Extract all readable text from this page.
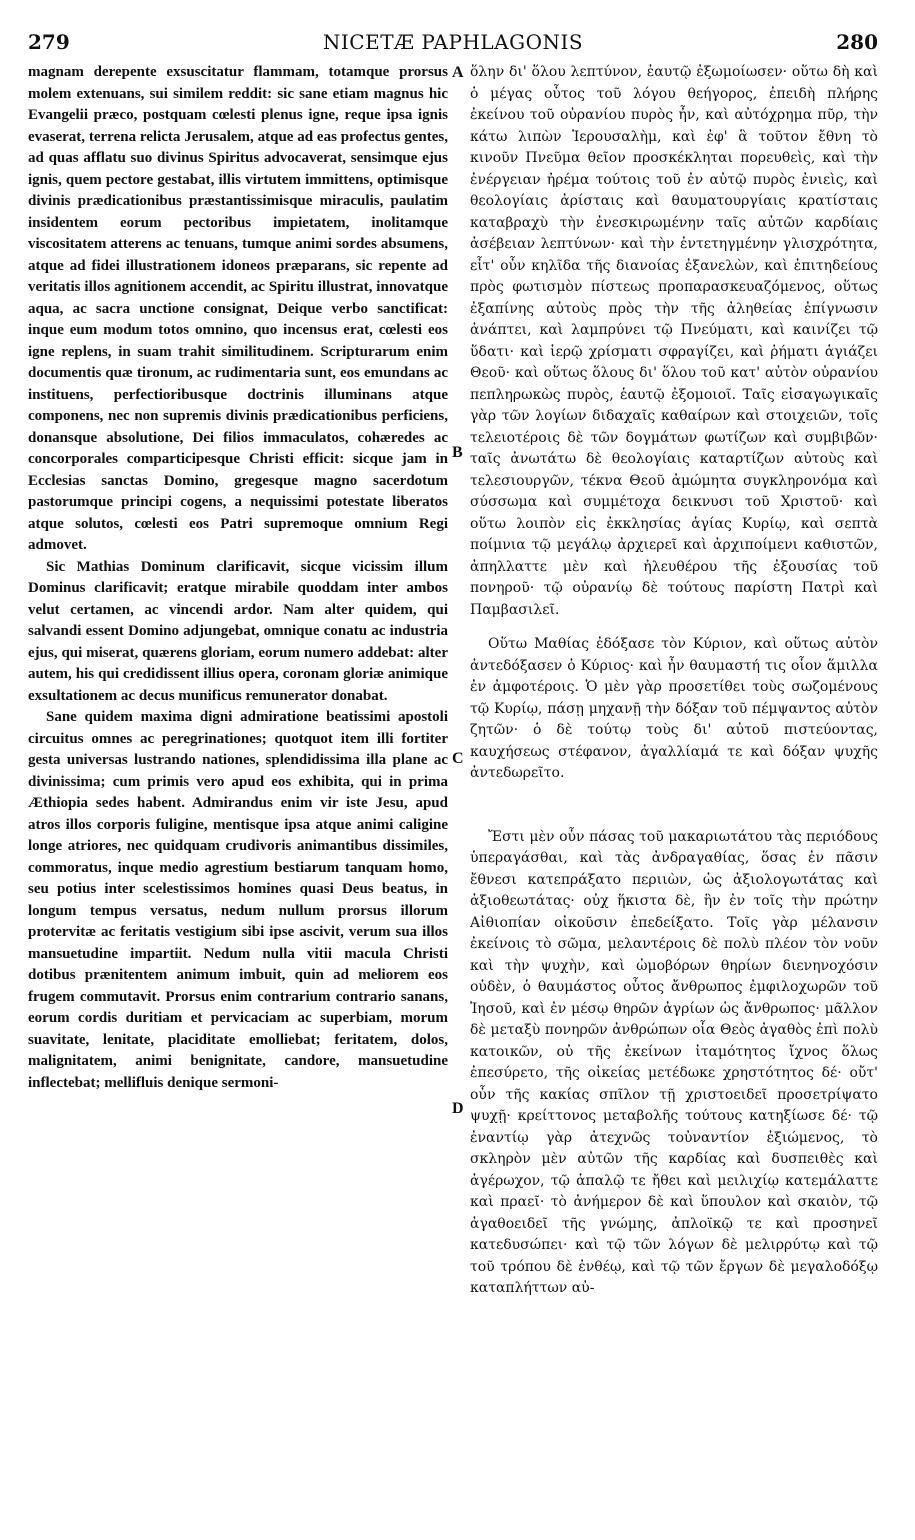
279	NICETÆ PAPHLAGONIS	280

magnam derepente exsuscitatur flammam, totamque prorsus molem extenuans, sui similem reddit: sic sane etiam magnus hic Evangelii præco, postquam cœlesti plenus igne, reque ipsa ignis evaserat, terrena relicta Jerusalem, atque ad eas profectus gentes, ad quas afflatu suo divinus Spiritus advocaverat, sensimque ejus ignis, quem pectore gestabat, illis virtutem immittens, optimisque divinis prædicationibus præstantissimisque miraculis, paulatim insidentem eorum pectoribus impietatem, inolitamque viscositatem atterens ac tenuans, tumque animi sordes absumens, atque ad fidei illustrationem idoneos præparans, sic repente ad veritatis illos agnitionem accendit, ac Spiritu illustrat, innovatque aqua, ac sacra unctione consignat, Deique verbo sanctificat: inque eum modum totos omnino, quo incensus erat, cœlesti eos igne replens, in suam trahit similitudinem. Scripturarum enim documentis quæ tironum, ac rudimentaria sunt, eos emundans ac instituens, perfectioribusque doctrinis illuminans atque componens, nec non supremis divinis prædicationibus perficiens, donansque absolutione, Dei filios immaculatos, cohæredes ac concorporales comparticipesque Christi efficit: sicque jam in Ecclesias sanctas Domino, gregesque magno sacerdotum pastorumque principi cogens, a nequissimi potestate liberatos atque solutos, cœlesti eos Patri supremoque omnium Regi admovet.

Sic Mathias Dominum clarificavit, sicque vicissim illum Dominus clarificavit; eratque mirabile quoddam inter ambos velut certamen, ac vincendi ardor. Nam alter quidem, qui salvandi essent Domino adjungebat, omnique conatu ac industria ejus, qui miserat, quærens gloriam, eorum numero addebat: alter autem, his qui credidissent illius opera, coronam gloriæ animique exsultationem ac decus munificus remunerator donabat.

Sane quidem maxima digni admiratione beatissimi apostoli circuitus omnes ac peregrinationes; quotquot item illi fortiter gesta universas lustrando nationes, splendidissima illa plane ac divinissima; cum primis vero apud eos exhibita, qui in prima Æthiopia sedes habent. Admirandus enim vir iste Jesu, apud atros illos corporis fuligine, mentisque ipsa atque animi caligine longe atriores, nec quidquam crudivoris animantibus dissimiles, commoratus, inque medio agrestium bestiarum tanquam homo, seu potius inter scelestissimos homines quasi Deus beatus, in longum tempus versatus, nedum nullum prorsus illorum protervitæ ac feritatis vestigium sibi ipse ascivit, verum sua illos mansuetudine impartiit. Nedum nulla vitii macula Christi dotibus prænitentem animum imbuit, quin ad meliorem eos frugem commutavit. Prorsus enim contrarium contrario sanans, eorum cordis duritiam et pervicaciam ac superbiam, morum suavitate, lenitate, placiditate emolliebat; feritatem, dolos, malignitatem, animi benignitate, candore, mansuetudine inflectebat; mellifluis denique sermoni-

A
B
C
D

ὅλην δι' ὅλου λεπτύνον, ἑαυτῷ ἐξωμοίωσεν· οὕτω δὴ καὶ ὁ μέγας οὗτος τοῦ λόγου θεήγορος, ἐπειδὴ πλήρης ἐκείνου τοῦ οὐρανίου πυρὸς ἦν, καὶ αὐτόχρημα πῦρ, τὴν κάτω λιπὼν Ἱερουσαλὴμ, καὶ ἐφ' ἃ τοῦτον ἔθνη τὸ κινοῦν Πνεῦμα θεῖον προσκέκληται πορευθεὶς, καὶ τὴν ἐνέργειαν ἠρέμα τούτοις τοῦ ἐν αὐτῷ πυρὸς ἐνιεὶς, καὶ θεολογίαις ἀρίσταις καὶ θαυματουργίαις κρατίσταις καταβραχὺ τὴν ἐνεσκιρωμένην ταῖς αὐτῶν καρδίαις ἀσέβειαν λεπτύνων· καὶ τὴν ἐντετηγμένην γλισχρότητα, εἶτ' οὖν κηλῖδα τῆς διανοίας ἐξανελὼν, καὶ ἐπιτηδείους πρὸς φωτισμὸν πίστεως προπαρασκευαζόμενος, οὕτως ἐξαπίνης αὐτοὺς πρὸς τὴν τῆς ἀληθείας ἐπίγνωσιν ἀνάπτει, καὶ λαμπρύνει τῷ Πνεύματι, καὶ καινίζει τῷ ὕδατι· καὶ ἱερῷ χρίσματι σφραγίζει, καὶ ῥήματι ἁγιάζει Θεοῦ· καὶ οὕτως ὅλους δι' ὅλου τοῦ κατ' αὐτὸν οὐρανίου πεπληρωκὼς πυρὸς, ἑαυτῷ ἐξομοιοῖ. Ταῖς εἰσαγωγικαῖς γὰρ τῶν λογίων διδαχαῖς καθαίρων καὶ στοιχειῶν, τοῖς τελειοτέροις δὲ τῶν δογμάτων φωτίζων καὶ συμβιβῶν· ταῖς ἀνωτάτω δὲ θεολογίαις καταρτίζων αὐτοὺς καὶ τελεσιουργῶν, τέκνα Θεοῦ ἀμώμητα συγκληρονόμα καὶ σύσσωμα καὶ συμμέτοχα δεικνυσι τοῦ Χριστοῦ· καὶ οὕτω λοιπὸν εἰς ἐκκλησίας ἁγίας Κυρίῳ, καὶ σεπτὰ ποίμνια τῷ μεγάλῳ ἀρχιερεῖ καὶ ἀρχιποίμενι καθιστῶν, ἀπηλλαττε μὲν καὶ ἠλευθέρου τῆς ἐξουσίας τοῦ πονηροῦ· τῷ οὐρανίῳ δὲ τούτους παρίστη Πατρὶ καὶ Παμβασιλεῖ.

Οὕτω Μαθίας ἐδόξασε τὸν Κύριον, καὶ οὕτως αὐτὸν ἀντεδόξασεν ὁ Κύριος· καὶ ἦν θαυμαστή τις οἷον ἅμιλλα ἐν ἀμφοτέροις. Ὁ μὲν γὰρ προσετίθει τοὺς σωζομένους τῷ Κυρίῳ, πάσῃ μηχανῇ τὴν δόξαν τοῦ πέμψαντος αὐτὸν ζητῶν· ὁ δὲ τούτῳ τοὺς δι' αὐτοῦ πιστεύοντας, καυχήσεως στέφανον, ἀγαλλίαμά τε καὶ δόξαν ψυχῆς ἀντεδωρεῖτο.

Ἔστι μὲν οὖν πάσας τοῦ μακαριωτάτου τὰς περιόδους ὑπεραγάσθαι, καὶ τὰς ἀνδραγαθίας, ὅσας ἐν πᾶσιν ἔθνεσι κατεπράξατο περιιὼν, ὡς ἀξιολογωτάτας καὶ ἀξιοθεωτάτας· οὐχ ἥκιστα δὲ, ἣν ἐν τοῖς τὴν πρώτην Αἰθιοπίαν οἰκοῦσιν ἐπεδείξατο. Τοῖς γὰρ μέλανσιν ἐκείνοις τὸ σῶμα, μελαντέροις δὲ πολὺ πλέον τὸν νοῦν καὶ τὴν ψυχὴν, καὶ ὠμοβόρων θηρίων διενηνοχόσιν οὐδὲν, ὁ θαυμάστος οὗτος ἄνθρωπος ἐμφιλοχωρῶν τοῦ Ἰησοῦ, καὶ ἐν μέσῳ θηρῶν ἀγρίων ὡς ἄνθρωπος· μᾶλλον δὲ μεταξὺ πονηρῶν ἀνθρώπων οἷα Θεὸς ἀγαθὸς ἐπὶ πολὺ κατοικῶν, οὐ τῆς ἐκείνων ἰταμότητος ἴχνος ὅλως ἐπεσύρετο, τῆς οἰκείας μετέδωκε χρηστότητος δέ· οὔτ' οὖν τῆς κακίας σπῖλον τῇ χριστοειδεῖ προσετρίψατο ψυχῇ· κρείττονος μεταβολῆς τούτους κατηξίωσε δέ· τῷ ἐναντίῳ γὰρ ἀτεχνῶς τοὐναντίον ἐξιώμενος, τὸ σκληρὸν μὲν αὐτῶν τῆς καρδίας καὶ δυσπειθὲς καὶ ἀγέρωχον, τῷ ἁπαλῷ τε ἤθει καὶ μειλιχίῳ κατεμάλαττε καὶ πραεῖ· τὸ ἀνήμερον δὲ καὶ ὕπουλον καὶ σκαιὸν, τῷ ἀγαθοειδεῖ τῆς γνώμης, ἀπλοϊκῷ τε καὶ προσηνεῖ κατεδυσώπει· καὶ τῷ τῶν λόγων δὲ μελιρρύτῳ καὶ τῷ τοῦ τρόπου δὲ ἐνθέῳ, καὶ τῷ τῶν ἔργων δὲ μεγαλοδόξῳ καταπλήττων αὐ-
